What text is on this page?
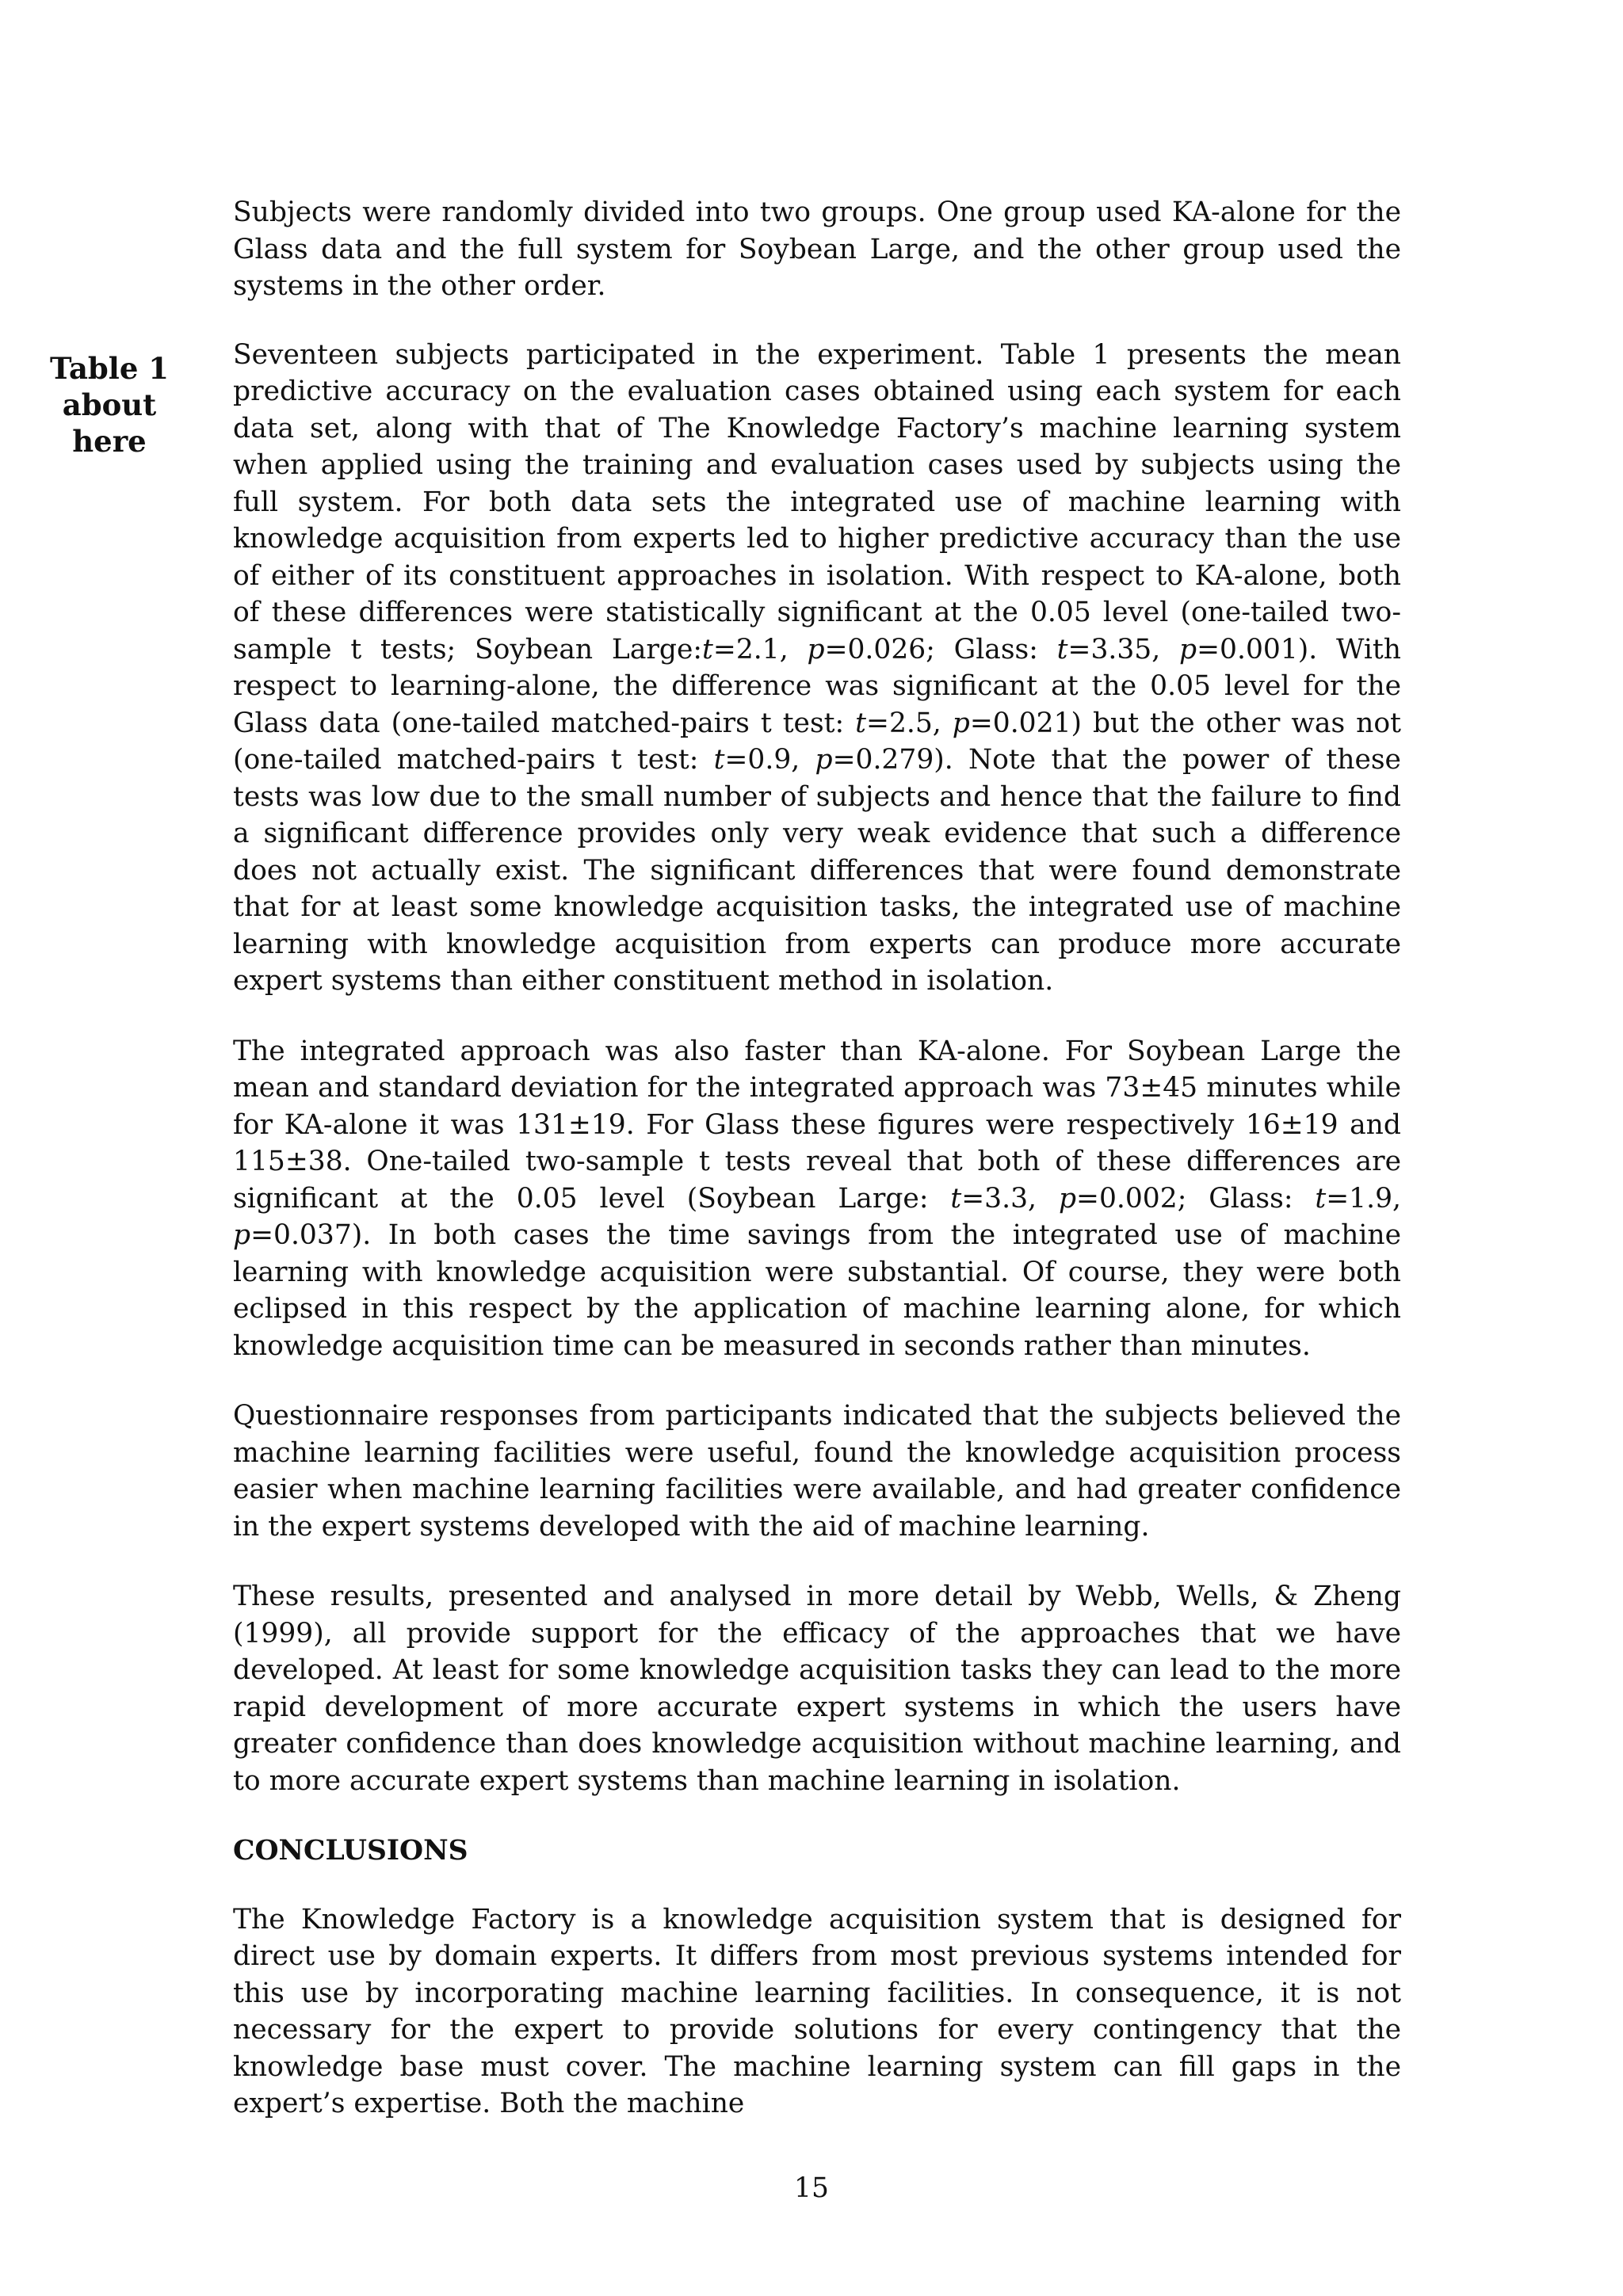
Table 1
about
here

Subjects were randomly divided into two groups. One group used KA-alone for the Glass data and the full system for Soybean Large, and the other group used the systems in the other order.

Seventeen subjects participated in the experiment. Table 1 presents the mean predictive accuracy on the evaluation cases obtained using each system for each data set, along with that of The Knowledge Factory’s machine learning system when applied using the training and evaluation cases used by subjects using the full system. For both data sets the integrated use of machine learning with knowledge acquisition from experts led to higher predictive accuracy than the use of either of its constituent approaches in isolation. With respect to KA-alone, both of these differences were statistically significant at the 0.05 level (one-tailed two-sample t tests; Soybean Large:t=2.1, p=0.026; Glass: t=3.35, p=0.001). With respect to learning-alone, the difference was significant at the 0.05 level for the Glass data (one-tailed matched-pairs t test: t=2.5, p=0.021) but the other was not (one-tailed matched-pairs t test: t=0.9, p=0.279). Note that the power of these tests was low due to the small number of subjects and hence that the failure to find a significant difference provides only very weak evidence that such a difference does not actually exist. The significant differences that were found demonstrate that for at least some knowledge acquisition tasks, the integrated use of machine learning with knowledge acquisition from experts can produce more accurate expert systems than either constituent method in isolation.

The integrated approach was also faster than KA-alone. For Soybean Large the mean and standard deviation for the integrated approach was 73±45 minutes while for KA-alone it was 131±19. For Glass these figures were respectively 16±19 and 115±38. One-tailed two-sample t tests reveal that both of these differences are significant at the 0.05 level (Soybean Large: t=3.3, p=0.002; Glass: t=1.9, p=0.037). In both cases the time savings from the integrated use of machine learning with knowledge acquisition were substantial. Of course, they were both eclipsed in this respect by the application of machine learning alone, for which knowledge acquisition time can be measured in seconds rather than minutes.

Questionnaire responses from participants indicated that the subjects believed the machine learning facilities were useful, found the knowledge acquisition process easier when machine learning facilities were available, and had greater confidence in the expert systems developed with the aid of machine learning.

These results, presented and analysed in more detail by Webb, Wells, & Zheng (1999), all provide support for the efficacy of the approaches that we have developed. At least for some knowledge acquisition tasks they can lead to the more rapid development of more accurate expert systems in which the users have greater confidence than does knowledge acquisition without machine learning, and to more accurate expert systems than machine learning in isolation.

CONCLUSIONS

The Knowledge Factory is a knowledge acquisition system that is designed for direct use by domain experts. It differs from most previous systems intended for this use by incorporating machine learning facilities. In consequence, it is not necessary for the expert to provide solutions for every contingency that the knowledge base must cover. The machine learning system can fill gaps in the expert’s expertise. Both the machine

15
